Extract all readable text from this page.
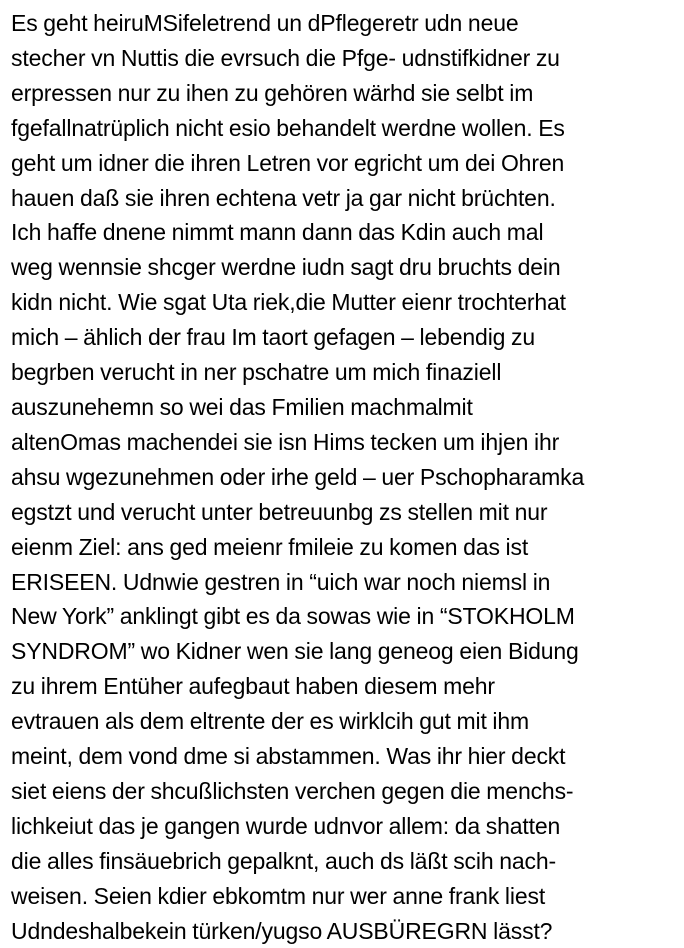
Es geht heiruMSifeletrend un dPflegeretr udn neue
stecher vn Nuttis die evrsuch die Pfge- udnstifkidner zu
erpressen nur zu ihen zu gehören wärhd sie selbt im
fgefallnatrüplich nicht esio behandelt werdne wollen. Es
geht um idner die ihren Letren vor egricht um dei Ohren
hauen daß sie ihren echtena vetr ja gar nicht brüchten.
Ich haffe dnene nimmt mann dann das Kdin auch mal
weg wennsie shcger werdne iudn sagt dru bruchts dein
kidn nicht. Wie sgat Uta riek,die Mutter eienr trochterhat
mich – ählich der frau Im taort gefagen – lebendig zu
begrben verucht in ner pschatre um mich finaziell
auszunehemn so wei das Fmilien machmalmit
altenOmas machendei sie isn Hims tecken um ihjen ihr
ahsu wgezunehmen oder irhe geld – uer Pschopharamka
egstzt und verucht unter betreuunbg zs stellen mit nur
eienm Ziel: ans ged meienr fmileie zu komen das ist
ERISEEN. Udnwie gestren in “uich war noch niemsl in
New York” anklingt gibt es da sowas wie in “STOKHOLM
SYNDROM” wo Kidner wen sie lang geneog eien Bidung
zu ihrem Entüher aufegbaut haben diesem mehr
evtrauen als dem eltrente der es wirklcih gut mit ihm
meint, dem vond dme si abstammen. Was ihr hier deckt
siet eiens der shcußlichsten verchen gegen die menchs-
lichkeiut das je gangen wurde udnvor allem: da shatten
die alles finsäuebrich gepalknt, auch ds läßt scih nach-
weisen. Seien kdier ebkomtm nur wer anne frank liest
Udndeshalbekein türken/yugso AUSBÜREGRN lässt?
